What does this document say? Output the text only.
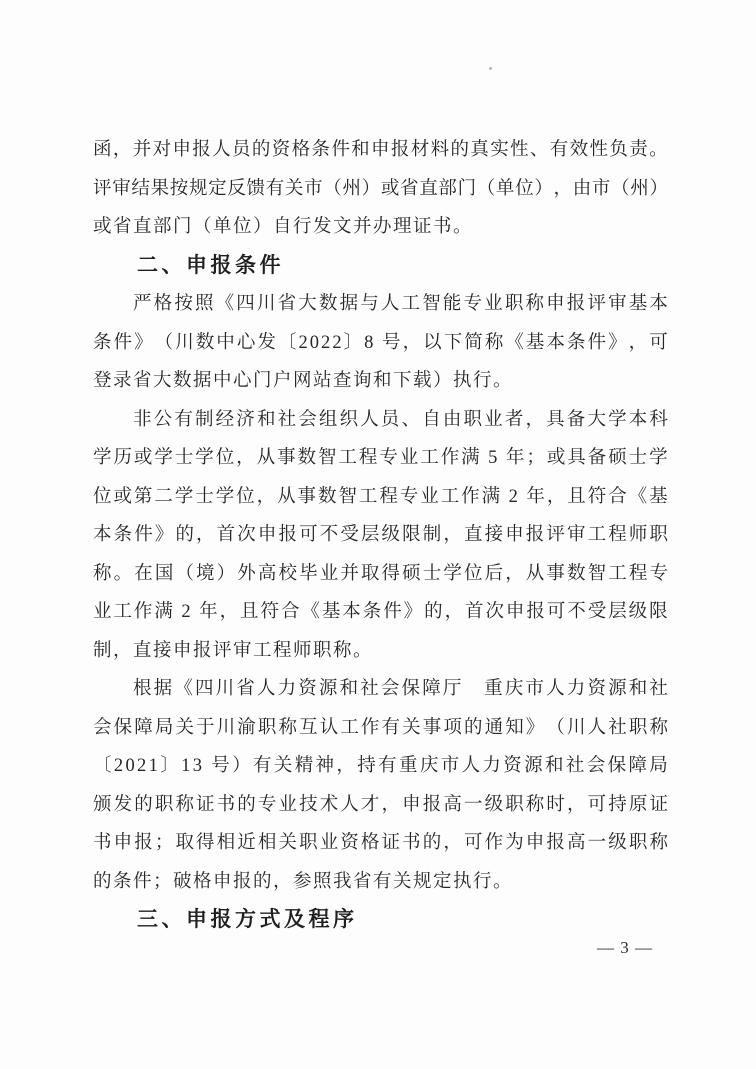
函 ， 并 对 申 报 人 员 的 资 格 条 件 和 申 报 材 料 的 真 实 性 、 有 效 性 负 责 。
评 审 结 果 按 规 定 反 馈 有 关 市 （ 州 ） 或 省 直 部 门 （ 单 位 ） ， 由 市 （ 州 ）
或省直部门（单位）自行发文并办理证书。
二、申报条件
严 格 按 照 《 四 川 省 大 数 据 与 人 工 智 能 专 业 职 称 申 报 评 审 基 本
条 件 》 （ 川 数 中 心 发 〔 2 0 2 2 〕 8
号 ， 以 下 简 称 《 基 本 条 件 》 ， 可
登录省大数据中心门户网站查询和下载）执行。
非 公 有 制 经 济 和 社 会 组 织 人 员 、 自 由 职 业 者 ， 具 备 大 学 本 科
学 历 或 学 士 学 位 ， 从 事 数 智 工 程 专 业 工 作 满
5
年 ； 或 具 备 硕 士 学
位 或 第 二 学 士 学 位 ， 从 事 数 智 工 程 专 业 工 作 满
2
年 ， 且 符 合 《 基
本 条 件 》 的 ， 首 次 申 报 可 不 受 层 级 限 制 ， 直 接 申 报 评 审 工 程 师 职
称 。 在 国 （ 境 ） 外 高 校 毕 业 并 取 得 硕 士 学 位 后 ， 从 事 数 智 工 程 专
业 工 作 满
2
年 ， 且 符 合 《 基 本 条 件 》 的 ， 首 次 申 报 可 不 受 层 级 限
制，直接申报评审工程师职称。
根 据 《 四 川 省 人 力 资 源 和 社 会 保 障 厅
　 重 庆 市 人 力 资 源 和 社
会 保 障 局 关 于 川 渝 职 称 互 认 工 作 有 关 事 项 的 通 知 》 （ 川 人 社 职 称
〔 2 0 2 1 〕 1 3
号 ） 有 关 精 神 ， 持 有 重 庆 市 人 力 资 源 和 社 会 保 障 局
颁 发 的 职 称 证 书 的 专 业 技 术 人 才 ， 申 报 高 一 级 职 称 时 ， 可 持 原 证
书 申 报 ； 取 得 相 近 相 关 职 业 资 格 证 书 的 ， 可 作 为 申 报 高 一 级 职 称
的条件；破格申报的，参照我省有关规定执行。
三、申报方式及程序
— 3 —
